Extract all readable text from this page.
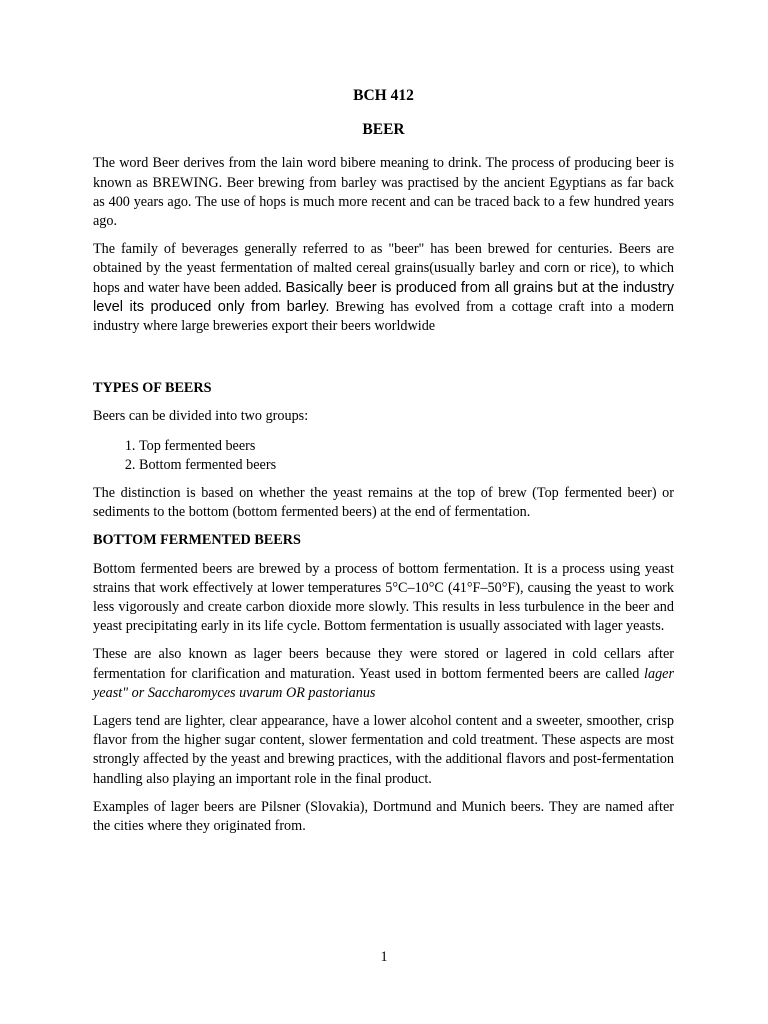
BCH 412

BEER

The word Beer derives from the lain word bibere meaning to drink. The process of producing beer is known as BREWING. Beer brewing from barley was practised by the ancient Egyptians as far back as 400 years ago. The use of hops is much more recent and can be traced back to a few hundred years ago.

The family of beverages generally referred to as "beer" has been brewed for centuries. Beers are obtained by the yeast fermentation of malted cereal grains(usually barley and corn or rice), to which hops and water have been added. Basically beer is produced from all grains but at the industry level its produced only from barley. Brewing has evolved from a cottage craft into a modern industry where large breweries export their beers worldwide

TYPES OF BEERS

Beers can be divided into two groups:

1. Top fermented beers
2. Bottom fermented beers

The distinction is based on whether the yeast remains at the top of brew (Top fermented beer) or sediments to the bottom (bottom fermented beers) at the end of fermentation.

BOTTOM FERMENTED BEERS

Bottom fermented beers are brewed by a process of bottom fermentation. It is a process using yeast strains that work effectively at lower temperatures 5°C–10°C (41°F–50°F), causing the yeast to work less vigorously and create carbon dioxide more slowly. This results in less turbulence in the beer and yeast precipitating early in its life cycle. Bottom fermentation is usually associated with lager yeasts.

These are also known as lager beers because they were stored or lagered in cold cellars after fermentation for clarification and maturation. Yeast used in bottom fermented beers are called lager yeast" or Saccharomyces uvarum OR pastorianus

Lagers tend are lighter, clear appearance, have a lower alcohol content and a sweeter, smoother, crisp flavor from the higher sugar content, slower fermentation and cold treatment. These aspects are most strongly affected by the yeast and brewing practices, with the additional flavors and post-fermentation handling also playing an important role in the final product.

Examples of lager beers are Pilsner (Slovakia), Dortmund and Munich beers. They are named after the cities where they originated from.

1
